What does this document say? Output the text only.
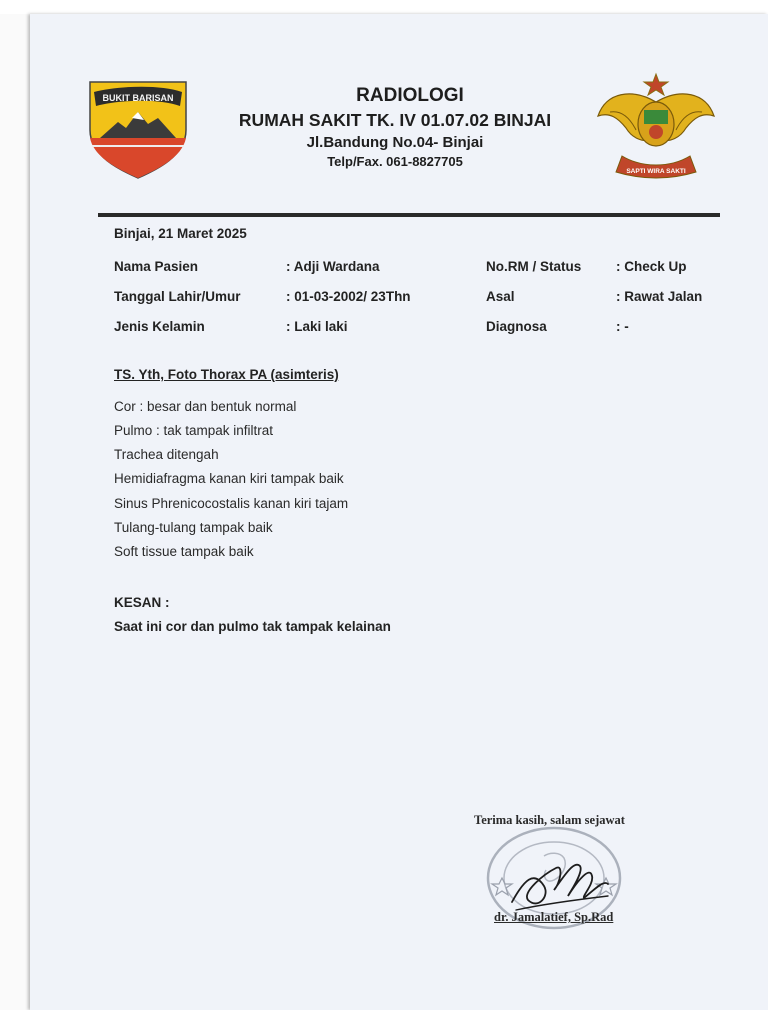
BUKIT BARISAN
SAPTI WIRA SAKTI
RADIOLOGI
RUMAH SAKIT TK. IV 01.07.02 BINJAI
Jl.Bandung No.04- Binjai
Telp/Fax. 061-8827705
Binjai, 21 Maret 2025
Nama Pasien	: Adji Wardana	No.RM / Status	: Check Up
Tanggal Lahir/Umur	: 01-03-2002/ 23Thn	Asal	: Rawat Jalan
Jenis Kelamin	: Laki laki	Diagnosa	: -
TS. Yth, Foto Thorax PA (asimteris)
Cor : besar dan bentuk normal
Pulmo : tak tampak infiltrat
Trachea ditengah
Hemidiafragma kanan kiri tampak baik
Sinus Phrenicocostalis kanan kiri tajam
Tulang-tulang tampak baik
Soft tissue tampak baik
KESAN :
Saat ini cor dan pulmo tak tampak kelainan
Terima kasih, salam sejawat
dr. Jamalatief, Sp.Rad
